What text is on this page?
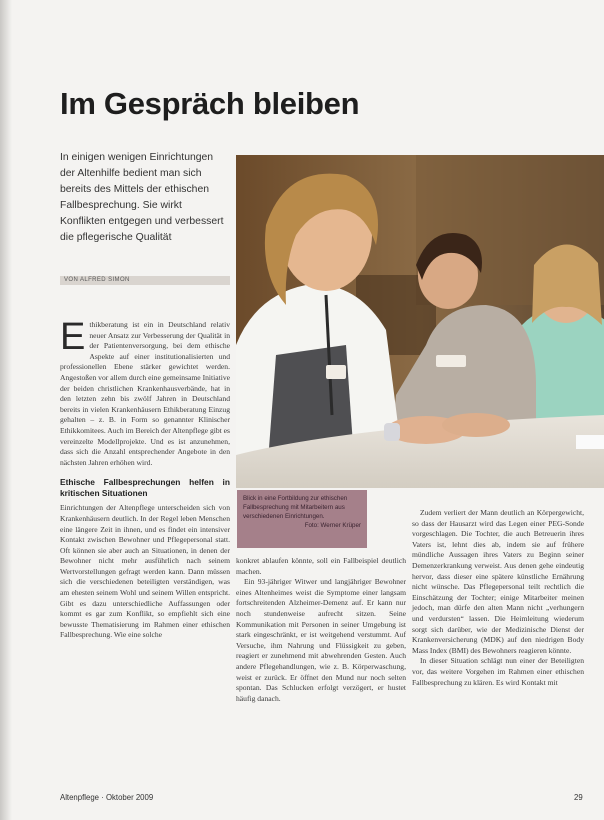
Im Gespräch bleiben

In einigen wenigen Einrichtungen der Altenhilfe bedient man sich bereits des Mittels der ethischen Fallbesprechung. Sie wirkt Konflikten entgegen und verbessert die pflegerische Qualität

VON ALFRED SIMON
Blick in eine Fortbildung zur ethischen Fallbesprechung mit Mitarbeitern aus verschiedenen Einrichtungen.
Foto: Werner Krüper

Ethikberatung ist ein in Deutschland relativ neuer Ansatz zur Verbesserung der Qualität in der Patientenversorgung, bei dem ethische Aspekte auf einer institutionalisierten und professionellen Ebene stärker gewichtet werden. Angestoßen vor allem durch eine gemeinsame Initiative der beiden christlichen Krankenhausverbände, hat in den letzten zehn bis zwölf Jahren in Deutschland bereits in vielen Krankenhäusern Ethikberatung Einzug gehalten – z. B. in Form so genannter Klinischer Ethikkomitees. Auch im Bereich der Altenpflege gibt es vereinzelte Modellprojekte. Und es ist anzunehmen, dass sich die Anzahl entsprechender Angebote in den nächsten Jahren erhöhen wird.

Ethische Fallbesprechungen helfen in kritischen Situationen

Einrichtungen der Altenpflege unterscheiden sich von Krankenhäusern deutlich. In der Regel leben Menschen eine längere Zeit in ihnen, und es findet ein intensiver Kontakt zwischen Bewohner und Pflegepersonal statt. Oft können sie aber auch an Situationen, in denen der Bewohner nicht mehr ausführlich nach seinem Wertvorstellungen gefragt werden kann. Dann müssen sich die verschiedenen beteiligten verständigen, was am ehesten seinem Wohl und seinem Willen entspricht. Gibt es dazu unterschiedliche Auffassungen oder kommt es gar zum Konflikt, so empfiehlt sich eine bewusste Thematisierung im Rahmen einer ethischen Fallbesprechung. Wie eine solche

konkret ablaufen könnte, soll ein Fallbeispiel deutlich machen.

Ein 93-jähriger Witwer und langjähriger Bewohner eines Altenheimes weist die Symptome einer langsam fortschreitenden Alzheimer-Demenz auf. Er kann nur noch stundenweise aufrecht sitzen. Seine Kommunikation mit Personen in seiner Umgebung ist stark eingeschränkt, er ist weitgehend verstummt. Auf Versuche, ihm Nahrung und Flüssigkeit zu geben, reagiert er zunehmend mit abwehrenden Gesten. Auch andere Pflegehandlungen, wie z. B. Körperwaschung, weist er zurück. Er öffnet den Mund nur noch selten spontan. Das Schlucken erfolgt verzögert, er hustet häufig danach.

Zudem verliert der Mann deutlich an Körpergewicht, so dass der Hausarzt wird das Legen einer PEG-Sonde vorgeschlagen. Die Tochter, die auch Betreuerin ihres Vaters ist, lehnt dies ab, indem sie auf frühere mündliche Aussagen ihres Vaters zu Beginn seiner Demenzerkrankung verweist. Aus denen gehe eindeutig hervor, dass dieser eine spätere künstliche Ernährung nicht wünsche. Das Pflegepersonal teilt rechtlich die Einschätzung der Tochter; einige Mitarbeiter meinen jedoch, man dürfe den alten Mann nicht „verhungern und verdursten“ lassen. Die Heimleitung wiederum sorgt sich darüber, wie der Medizinische Dienst der Krankenversicherung (MDK) auf den niedrigen Body Mass Index (BMI) des Bewohners reagieren könnte.

In dieser Situation schlägt nun einer der Beteiligten vor, das weitere Vorgehen im Rahmen einer ethischen Fallbesprechung zu klären. Es wird Kontakt mit

Altenpflege · Oktober 2009	29
